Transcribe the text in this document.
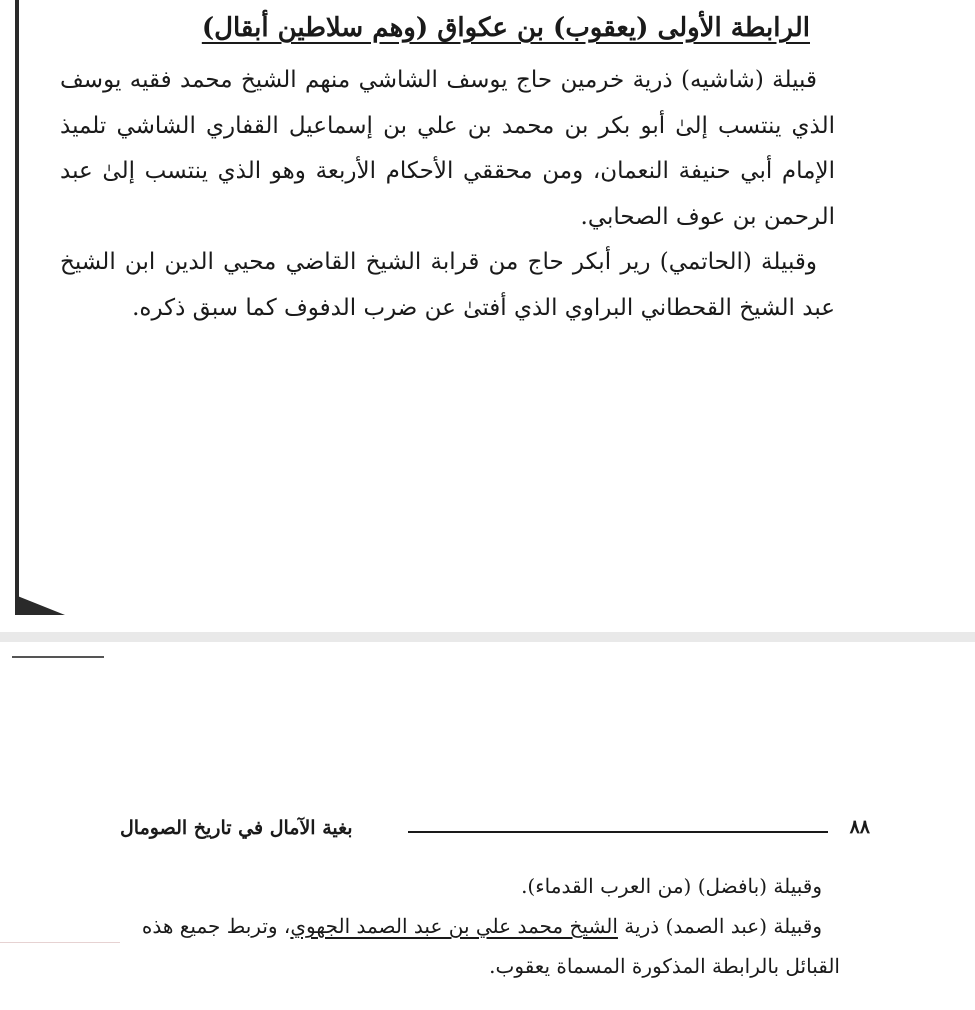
الرابطة الأولى (يعقوب) بن عكواق (وهم سلاطين أبقال)

قبيلة (شاشيه) ذرية خرمين حاج يوسف الشاشي منهم الشيخ محمد فقيه يوسف الذي ينتسب إلىٰ أبو بكر بن محمد بن علي بن إسماعيل القفاري الشاشي تلميذ الإمام أبي حنيفة النعمان، ومن محققي الأحكام الأربعة وهو الذي ينتسب إلىٰ عبد الرحمن بن عوف الصحابي.

وقبيلة (الحاتمي) رير أبكر حاج من قرابة الشيخ القاضي محيي الدين ابن الشيخ عبد الشيخ القحطاني البراوي الذي أفتىٰ عن ضرب الدفوف كما سبق ذكره.

٨٨
بغية الآمال في تاريخ الصومال

وقبيلة (بافضل) (من العرب القدماء).

وقبيلة (عبد الصمد) ذرية الشيخ محمد علي بن عبد الصمد الجهوي، وتربط جميع هذه القبائل بالرابطة المذكورة المسماة يعقوب.
